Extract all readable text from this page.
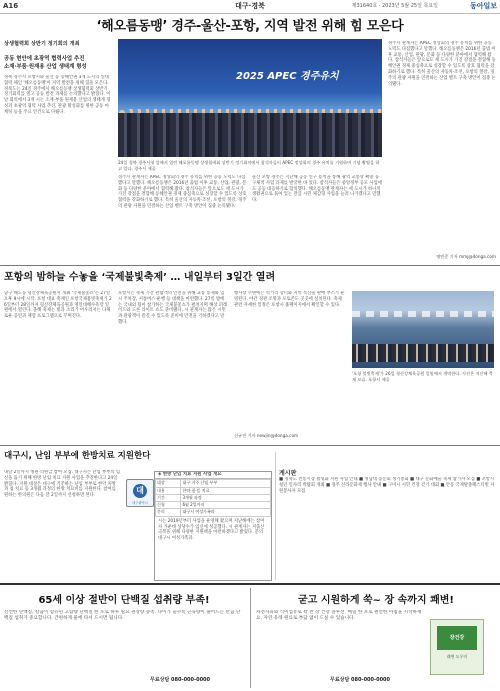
A16	대구·경북	제31640호 · 2023년 5월 25일 목요일	동아일보
‘해오름동맹’ 경주-울산-포항, 지역 발전 위해 힘 모은다
상생협력회 상반기 정기회의 개최
공동 현안에 초광역 협력사업 추진
소재·부품·원재용 산업 생태계 형성

경북 경주시 포항시와 울산 등 동해안권 3개 도시의 연대 협력 체인 '해오름동맹'이 지역 발전을 위해 힘을 모은다. 경북도는 24일 경주에서 해오름동맹 상생협력회 상반기 정기회의를 열고 공동 발전 과제를 논의했다고 밝혔다. 이날 회의에서 3개 시는 소재·부품 원재용 산업의 생태계 형성과 초광역 협력 사업 추진, 관광 활성화를 위한 공동 마케팅 등을 주요 안건으로 다뤘다.

2025 APEC 경주유치
24일 경북 경주시청 앞에서 열린 해오름동맹 상생협력회 상반기 정기회의에서 참석자들이 APEC 정상회의 경주 유치를 기원하며 기념 촬영을 하고 있다. 경주시 제공

경주시 관계자는 APEC 정상회의 경주 유치를 위한 공동 노력도 다짐했다고 말했다. 해오름동맹은 2016년 출범 이후 교통, 산업, 관광, 문화 등 다양한 분야에서 협력해 왔다. 참석자들은 앞으로도 세 도시가 가진 강점을 결합해 동해안권 경제 중심축으로 성장할 수 있도록 상호 협력을 강화하기로 했다. 특히 울산의 자동차·조선, 포항의 철강, 경주의 관광 자원을 연결하는 산업 벨트 구축 방안이 집중 논의됐다.

울산 포항 경주는 지난해 공동 연구 용역을 통해 광역 교통망 확충 등 구체적 사업 과제를 발굴한 바 있다. 참석자들은 중앙정부 공모 사업에도 공동 대응하기로 합의했다. 해오름동맹 관계자는 세 도시가 하나의 생활권으로 묶여 있는 만큼 시민 체감형 사업을 늘려 나가겠다고 말했다.

경주시 관계자는 APEC 정상회의 경주 유치를 위한 공동 노력도 다짐했다고 말했다. 해오름동맹은 2016년 출범 이후 교통, 산업, 관광, 문화 등 다양한 분야에서 협력해 왔다. 참석자들은 앞으로도 세 도시가 가진 강점을 결합해 동해안권 경제 중심축으로 성장할 수 있도록 상호 협력을 강화하기로 했다. 특히 울산의 자동차·조선, 포항의 철강, 경주의 관광 자원을 연결하는 산업 벨트 구축 방안이 집중 논의됐다.

명민준 기자 mmj@donga.com
포항의 밤하늘 수놓을 ‘국제불빛축제’ … 내일부터 3일간 열려

남구 해도동 형산강체육공원서 개최 '국제불꽃쇼'는 27일 오후 9시에 시작. 포항 대표 축제인 포항국제불빛축제가 26일부터 28일까지 형산강체육공원과 영일대해수욕장 일원에서 열린다. 올해 축제는 빛과 소리가 어우러지는 다채로운 공연과 체험 프로그램으로 꾸며진다.

포항시는 축제 기간 관람객의 안전을 위해 교통 통제와 임시 주차장, 셔틀버스 운행 등 대책을 마련했다. 27일 밤에는 국내외 팀이 참가하는 국제불꽃쇼가 펼쳐지며 해상 퍼레이드와 드론 라이트 쇼도 준비됐다. 시 관계자는 많은 시민과 관광객이 즐길 수 있도록 준비에 만전을 기하겠다고 말했다.

행사장 주변에는 먹거리 장터와 지역 특산물 판매 부스가 운영된다. 야간 경관 조명과 포토존도 곳곳에 설치된다. 축제 관련 자세한 일정은 포항시 홈페이지에서 확인할 수 있다.

'포항 불빛축제'가 26일 형산강체육공원 일원에서 개막한다. 사진은 지난해 축제 모습. 포항시 제공
신규진 기자 newjin@donga.com
대구시, 난임 부부에 한방치료 지원한다

내달 2일까지 병원·의원급 참여 모집. 대구시는 난임 부부의 임신을 돕기 위해 한방 난임 치료 지원 사업을 추진한다고 24일 밝혔다. 지원 대상은 대구에 거주하는 난임 부부로 한약 처방과 침 치료 등 3개월 과정의 한방 치료비를 지원한다. 참여를 원하는 한의원은 다음 달 2일까지 신청하면 된다.

대
대구광역시
◈ 한방 난임 치료 지원 사업 개요
대상	대구 거주 난임 부부
내용	한약·침·뜸 치료
기간	3개월 과정
신청	6월 2일까지
문의	대구시 여성가족과

시는 2019년부터 사업을 운영해 왔으며 지난해에는 참여자 가운데 상당수가 임신에 성공했다. 시 관계자는 저출산 극복을 위해 다양한 지원책을 마련하겠다고 밝혔다. 문의 대구시 여성가족과.

게시판

■ 경북도 전통시장 활성화 지원 사업 안내 ■ 영남대 동문회 정기총회 ■ 대구 문화예술 축제 참가자 모집 ■ 포항시 청년 일자리 박람회 개최 ■ 경주 신라문화제 행사 안내 ■ 구미시 시민 건강 걷기 대회 ■ 안동 국제탈춤페스티벌 자원봉사자 모집

65세 이상 절반이 단백질 섭취량 부족!

신선한 단백질, 칼슘이 함유된 고함량 단백질 한 포로 하루 필요 권장량 충족. 나이가 들수록 근육량이 줄어드는 만큼 단백질 섭취가 중요합니다. 간편하게 물에 타서 드시면 됩니다.

무료상담 080-000-0000
굳고 시원하게 쑥~ 장 속까지 쾌변!

차전자피와 식이섬유로 꽉 찬 장 건강 솔루션. 매일 한 포로 편안한 아침을 시작하세요. 자연 유래 원료로 부담 없이 드실 수 있습니다.

장건강
쾌변 도우미
무료상담 080-000-0000
